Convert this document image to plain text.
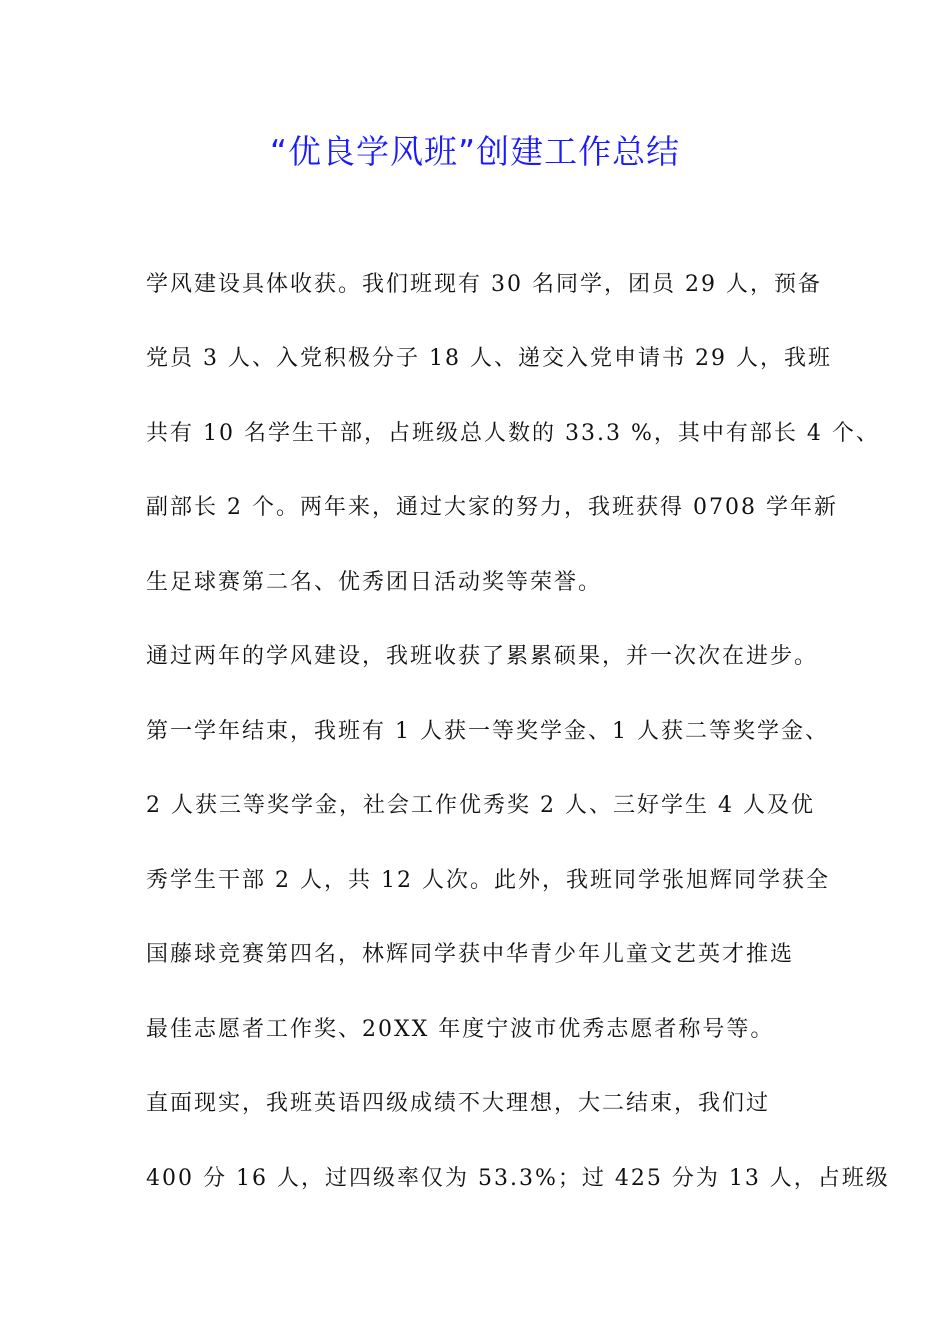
“优良学风班”创建工作总结
学风建设具体收获。我们班现有 30 名同学，团员 29 人，预备
党员 3 人、入党积极分子 18 人、递交入党申请书 29 人，我班
共有 10 名学生干部，占班级总人数的 33.3 %，其中有部长 4 个、
副部长 2 个。两年来，通过大家的努力，我班获得 0708 学年新
生足球赛第二名、优秀团日活动奖等荣誉。
通过两年的学风建设，我班收获了累累硕果，并一次次在进步。
第一学年结束，我班有 1 人获一等奖学金、1 人获二等奖学金、
2 人获三等奖学金，社会工作优秀奖 2 人、三好学生 4 人及优
秀学生干部 2 人，共 12 人次。此外，我班同学张旭辉同学获全
国藤球竞赛第四名，林辉同学获中华青少年儿童文艺英才推选
最佳志愿者工作奖、20XX 年度宁波市优秀志愿者称号等。
直面现实，我班英语四级成绩不大理想，大二结束，我们过
400 分 16 人，过四级率仅为 53.3%；过 425 分为 13 人，占班级
